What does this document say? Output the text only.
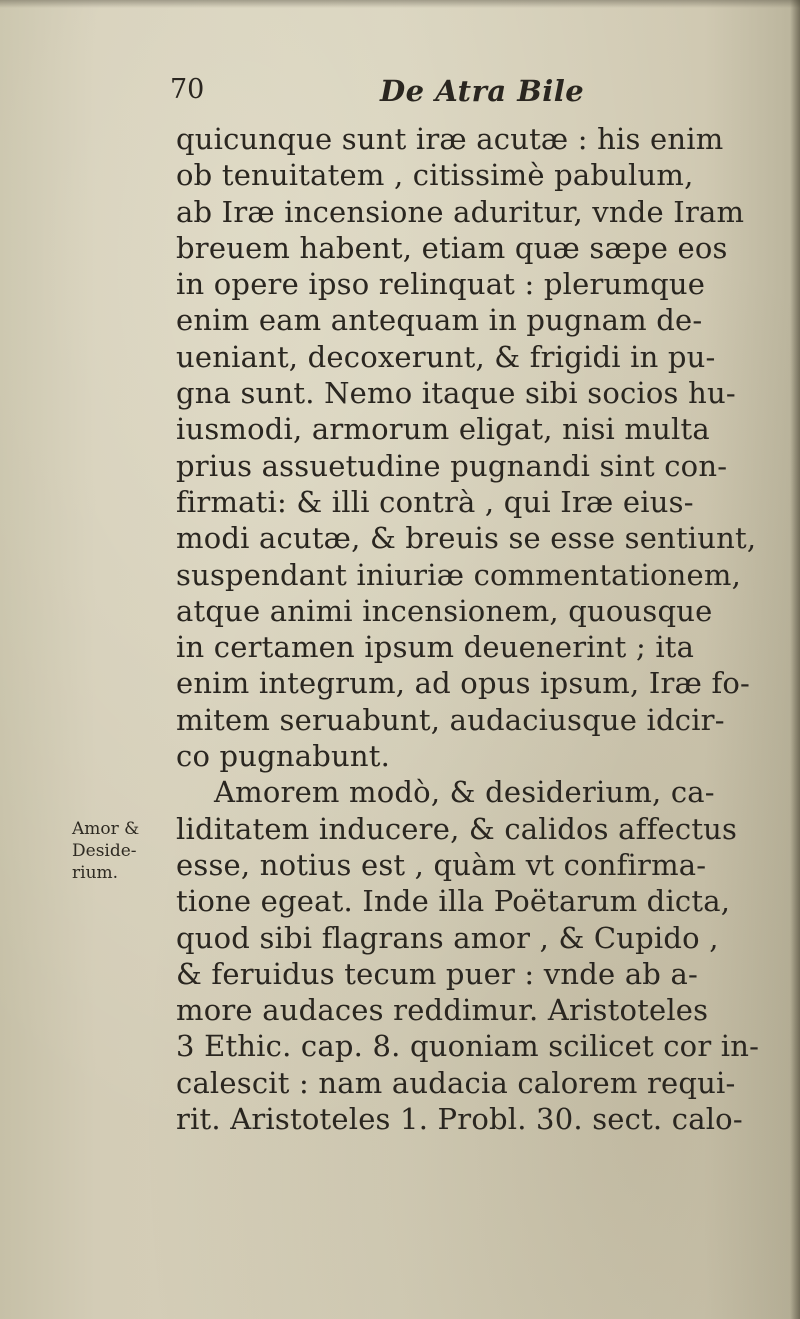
70	De Atra Bile
Amor &
Deside-
rium.
quicunque sunt iræ acutæ : his enim
ob tenuitatem , citissimè pabulum,
ab Iræ incensione aduritur, vnde Iram
breuem habent, etiam quæ sæpe eos
in opere ipso relinquat : plerumque
enim eam antequam in pugnam de-
ueniant, decoxerunt, & frigidi in pu-
gna sunt. Nemo itaque sibi socios hu-
iusmodi, armorum eligat, nisi multa
prius assuetudine pugnandi sint con-
firmati: & illi contrà , qui Iræ eius-
modi acutæ, & breuis se esse sentiunt,
suspendant iniuriæ commentationem,
atque animi incensionem, quousque
in certamen ipsum deuenerint ; ita
enim integrum, ad opus ipsum, Iræ fo-
mitem seruabunt, audaciusque idcir-
co pugnabunt.
Amorem modò, & desiderium, ca-
liditatem inducere, & calidos affectus
esse, notius est , quàm vt confirma-
tione egeat. Inde illa Poëtarum dicta,
quod sibi flagrans amor , & Cupido ,
& feruidus tecum puer : vnde ab a-
more audaces reddimur. Aristoteles
3 Ethic. cap. 8. quoniam scilicet cor in-
calescit : nam audacia calorem requi-
rit. Aristoteles 1. Probl. 30. sect. calo-
